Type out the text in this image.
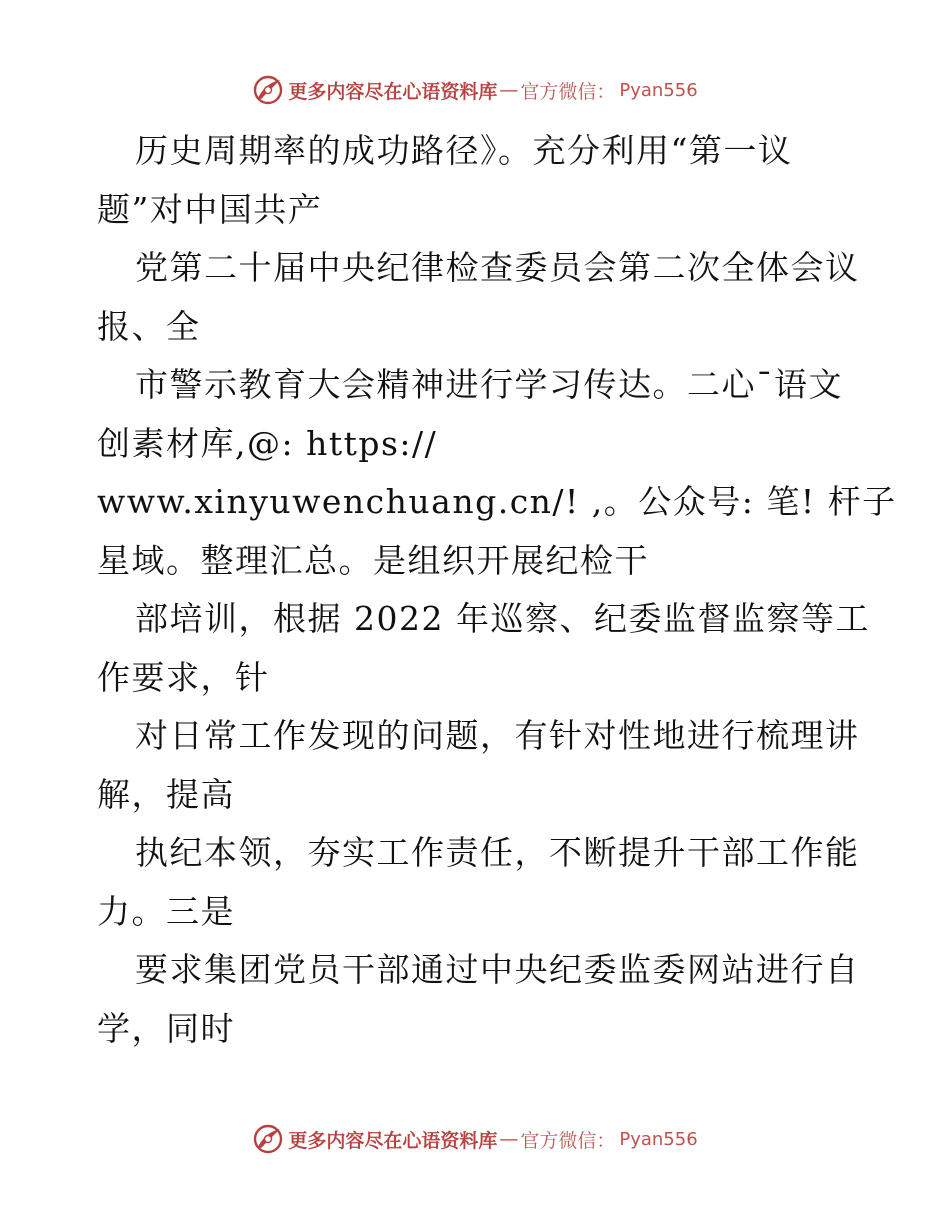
更多内容尽在心语资料库 — 官方微信： Pyan556
历史周期率的成功路径》。充分利用“第一议
题”对中国共产
党第二十届中央纪律检查委员会第二次全体会议
报、全
市警示教育大会精神进行学习传达。二心¯语文
创素材库,@: https://
www.xinyuwenchuang.cn/! ,。公众号: 笔! 杆子
星域。整理汇总。是组织开展纪检干
部培训，根据 2022 年巡察、纪委监督监察等工
作要求，针
对日常工作发现的问题，有针对性地进行梳理讲
解，提高
执纪本领，夯实工作责任，不断提升干部工作能
力。三是
要求集团党员干部通过中央纪委监委网站进行自
学，同时
更多内容尽在心语资料库 — 官方微信： Pyan556
